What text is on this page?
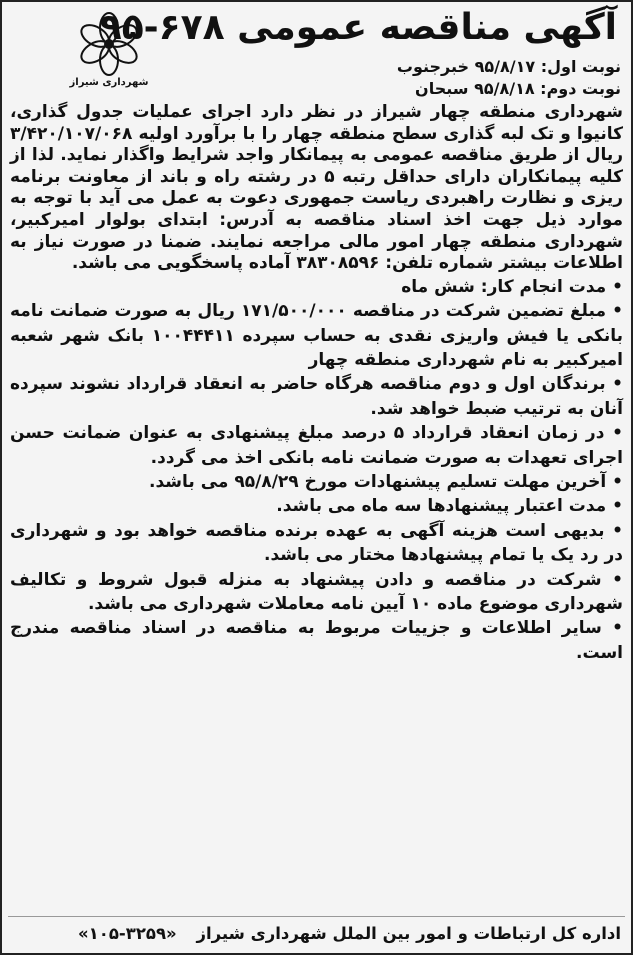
شهرداری شیراز
آگهی مناقصه عمومی ۶۷۸-۹۵
نوبت اول: ۹۵/۸/۱۷ خبرجنوب
نوبت دوم: ۹۵/۸/۱۸ سبحان

شهرداری منطقه چهار شیراز در نظر دارد اجرای عملیات جدول گذاری، کانیوا و تک لبه گذاری سطح منطقه چهار را با برآورد اولیه ۳/۴۲۰/۱۰۷/۰۶۸ ریال از طریق مناقصه عمومی به پیمانکار واجد شرایط واگذار نماید. لذا از کلیه پیمانکاران دارای حداقل رتبه ۵ در رشته راه و باند از معاونت برنامه ریزی و نظارت راهبردی ریاست جمهوری دعوت به عمل می آید با توجه به موارد ذیل جهت اخذ اسناد مناقصه به آدرس: ابتدای بولوار امیرکبیر، شهرداری منطقه چهار امور مالی مراجعه نمایند. ضمنا در صورت نیاز به اطلاعات بیشتر شماره تلفن: ۳۸۳۰۸۵۹۶ آماده پاسخگویی می باشد.

• مدت انجام کار: شش ماه

• مبلغ تضمین شرکت در مناقصه ۱۷۱/۵۰۰/۰۰۰ ریال به صورت ضمانت نامه بانکی یا فیش واریزی نقدی به حساب سپرده ۱۰۰۴۴۴۱۱ بانک شهر شعبه امیرکبیر به نام شهرداری منطقه چهار

• برندگان اول و دوم مناقصه هرگاه حاضر به انعقاد قرارداد نشوند سپرده آنان به ترتیب ضبط خواهد شد.

• در زمان انعقاد قرارداد ۵ درصد مبلغ پیشنهادی به عنوان ضمانت حسن اجرای تعهدات به صورت ضمانت نامه بانکی اخذ می گردد.

• آخرین مهلت تسلیم پیشنهادات مورخ ۹۵/۸/۲۹ می باشد.

• مدت اعتبار پیشنهادها سه ماه می باشد.

• بدیهی است هزینه آگهی به عهده برنده مناقصه خواهد بود و شهرداری در رد یک یا تمام پیشنهادها مختار می باشد.

• شرکت در مناقصه و دادن پیشنهاد به منزله قبول شروط و تکالیف شهرداری موضوع ماده ۱۰ آیین نامه معاملات شهرداری می باشد.

• سایر اطلاعات و جزییات مربوط به مناقصه در اسناد مناقصه مندرج است.

اداره کل ارتباطات و امور بین الملل شهرداری شیراز «۳۲۵۹-۱۰۵»
